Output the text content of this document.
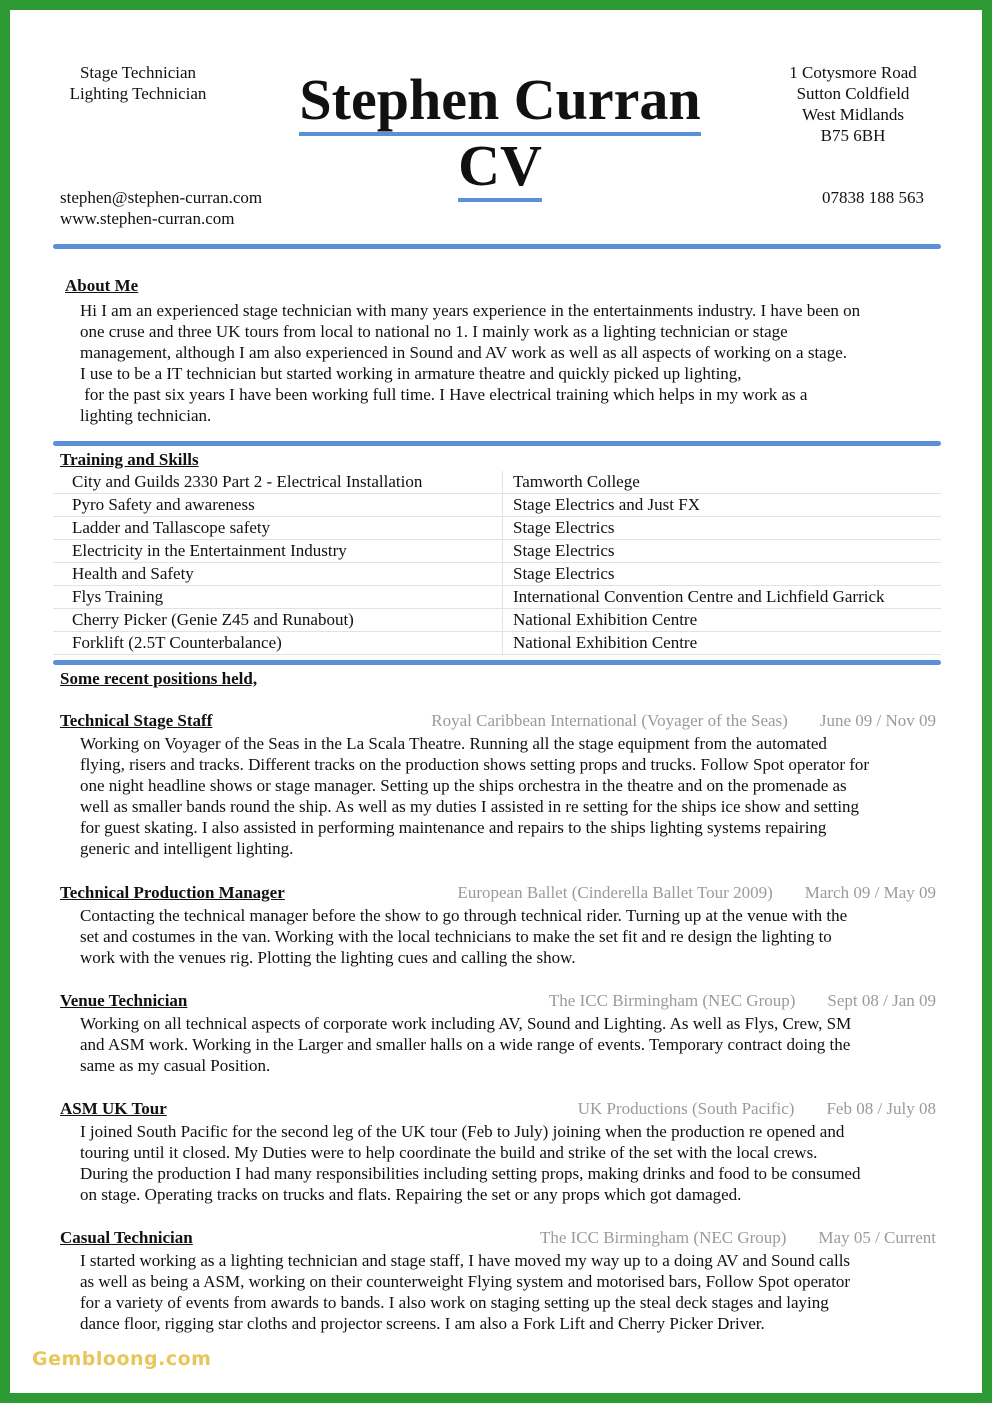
Stage Technician
Lighting Technician	Stephen Curran
CV
1 Cotysmore Road
Sutton Coldfield
West Midlands
B75 6BH
stephen@stephen-curran.com
www.stephen-curran.com
07838 188 563
About Me
Hi I am an experienced stage technician with many years experience in the entertainments industry. I have been on
one cruse and three UK tours from local to national no 1. I mainly work as a lighting technician or stage
management, although I am also experienced in Sound and AV work as well as all aspects of working on a stage.
I use to be a IT technician but started working in armature theatre and quickly picked up lighting,
for the past six years I have been working full time. I Have electrical training which helps in my work as a
lighting technician.
Training and Skills
City and Guilds 2330 Part 2 - Electrical Installation	Tamworth College
Pyro Safety and awareness	Stage Electrics and Just FX
Ladder and Tallascope safety	Stage Electrics
Electricity in the Entertainment Industry	Stage Electrics
Health and Safety	Stage Electrics
Flys Training	International Convention Centre and Lichfield Garrick
Cherry Picker (Genie Z45 and Runabout)	National Exhibition Centre
Forklift (2.5T Counterbalance)	National Exhibition Centre
Some recent positions held,
Technical Stage Staff	Royal Caribbean International (Voyager of the Seas) June 09 / Nov 09
Working on Voyager of the Seas in the La Scala Theatre. Running all the stage equipment from the automated
flying, risers and tracks. Different tracks on the production shows setting props and trucks. Follow Spot operator for
one night headline shows or stage manager. Setting up the ships orchestra in the theatre and on the promenade as
well as smaller bands round the ship. As well as my duties I assisted in re setting for the ships ice show and setting
for guest skating. I also assisted in performing maintenance and repairs to the ships lighting systems repairing
generic and intelligent lighting.
Technical Production Manager	European Ballet (Cinderella Ballet Tour 2009) March 09 / May 09
Contacting the technical manager before the show to go through technical rider. Turning up at the venue with the
set and costumes in the van. Working with the local technicians to make the set fit and re design the lighting to
work with the venues rig. Plotting the lighting cues and calling the show.
Venue Technician	The ICC Birmingham (NEC Group) Sept 08 / Jan 09
Working on all technical aspects of corporate work including AV, Sound and Lighting. As well as Flys, Crew, SM
and ASM work. Working in the Larger and smaller halls on a wide range of events. Temporary contract doing the
same as my casual Position.
ASM UK Tour	UK Productions (South Pacific) Feb 08 / July 08
I joined South Pacific for the second leg of the UK tour (Feb to July) joining when the production re opened and
touring until it closed. My Duties were to help coordinate the build and strike of the set with the local crews.
During the production I had many responsibilities including setting props, making drinks and food to be consumed
on stage. Operating tracks on trucks and flats. Repairing the set or any props which got damaged.
Casual Technician	The ICC Birmingham (NEC Group) May 05 / Current
I started working as a lighting technician and stage staff, I have moved my way up to a doing AV and Sound calls
as well as being a ASM, working on their counterweight Flying system and motorised bars, Follow Spot operator
for a variety of events from awards to bands. I also work on staging setting up the steal deck stages and laying
dance floor, rigging star cloths and projector screens. I am also a Fork Lift and Cherry Picker Driver.
Gembloong.com
